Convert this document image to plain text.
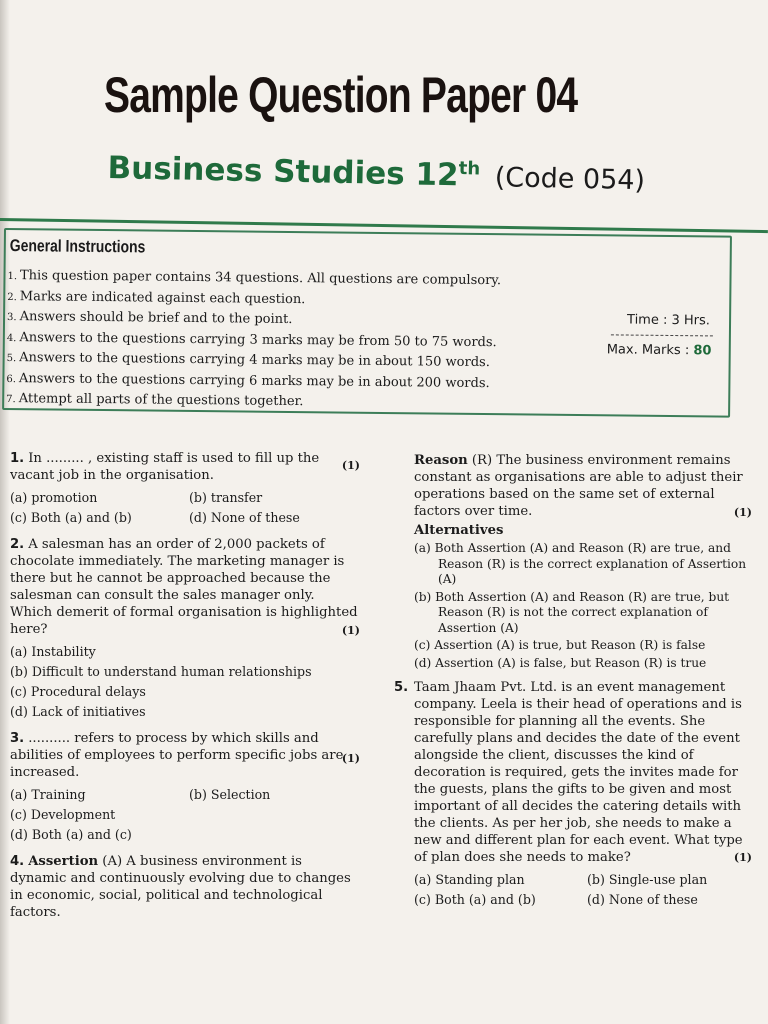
Sample Question Paper 04
Business Studies 12th (Code 054)
General Instructions
1. This question paper contains 34 questions. All questions are compulsory.
2. Marks are indicated against each question.
3. Answers should be brief and to the point.
4. Answers to the questions carrying 3 marks may be from 50 to 75 words.
5. Answers to the questions carrying 4 marks may be in about 150 words.
6. Answers to the questions carrying 6 marks may be in about 200 words.
7. Attempt all parts of the questions together.
Time : 3 Hrs.
Max. Marks : 80
1. In ......... , existing staff is used to fill up the vacant job in the organisation.
(1)
(a) promotion	(b) transfer
(c) Both (a) and (b)	(d) None of these
2. A salesman has an order of 2,000 packets of chocolate immediately. The marketing manager is there but he cannot be approached because the salesman can consult the sales manager only. Which demerit of formal organisation is highlighted here?	(1)
(a) Instability
(b) Difficult to understand human relationships
(c) Procedural delays
(d) Lack of initiatives
3. .......... refers to process by which skills and abilities of employees to perform specific jobs are increased.
(1)
(a) Training	(b) Selection
(c) Development
(d) Both (a) and (c)
4. Assertion (A) A business environment is dynamic and continuously evolving due to changes in economic, social, political and technological factors.
Reason (R) The business environment remains constant as organisations are able to adjust their operations based on the same set of external factors over time.	(1)
Alternatives
(a) Both Assertion (A) and Reason (R) are true, and Reason (R) is the correct explanation of Assertion (A)
(b) Both Assertion (A) and Reason (R) are true, but Reason (R) is not the correct explanation of Assertion (A)
(c) Assertion (A) is true, but Reason (R) is false
(d) Assertion (A) is false, but Reason (R) is true
5. Taam Jhaam Pvt. Ltd. is an event management company. Leela is their head of operations and is responsible for planning all the events. She carefully plans and decides the date of the event alongside the client, discusses the kind of decoration is required, gets the invites made for the guests, plans the gifts to be given and most important of all decides the catering details with the clients. As per her job, she needs to make a new and different plan for each event. What type of plan does she needs to make?	(1)
(a) Standing plan	(b) Single-use plan
(c) Both (a) and (b)	(d) None of these
